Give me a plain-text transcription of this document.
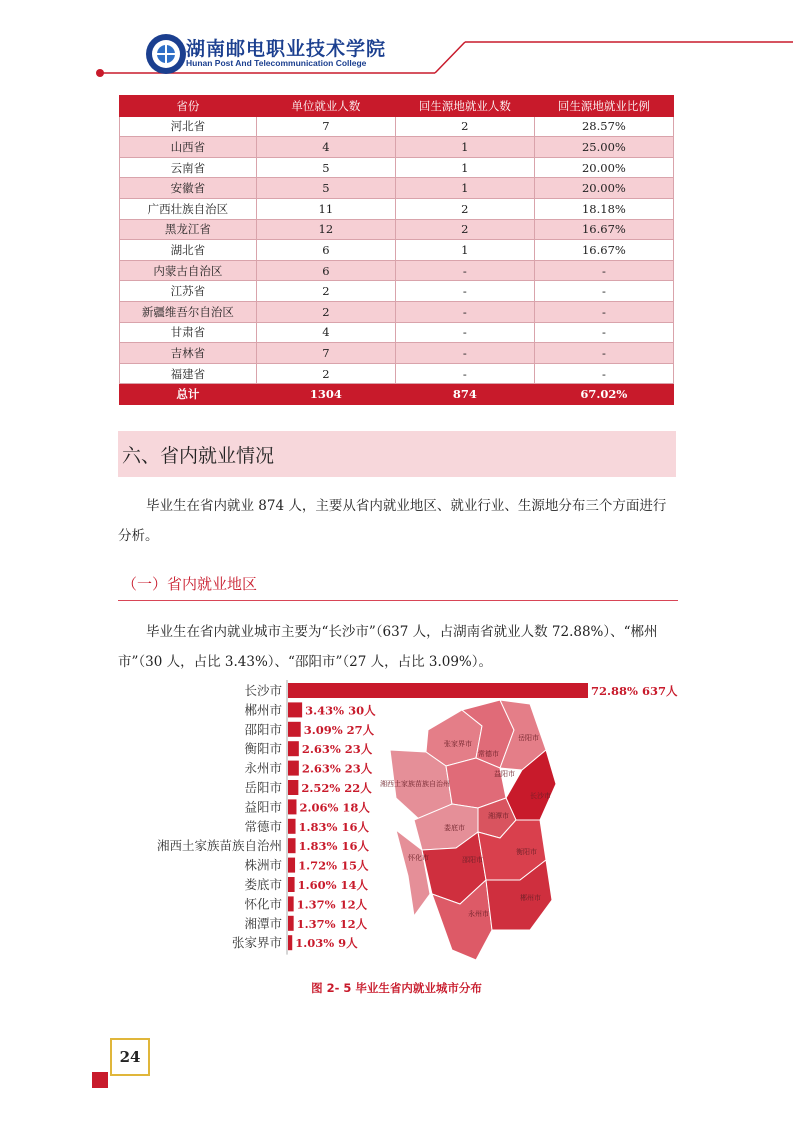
湖南邮电职业技术学院
Hunan Post And Telecommunication College
省份	单位就业人数	回生源地就业人数	回生源地就业比例
河北省	7	2	28.57%
山西省	4	1	25.00%
云南省	5	1	20.00%
安徽省	5	1	20.00%
广西壮族自治区	11	2	18.18%
黑龙江省	12	2	16.67%
湖北省	6	1	16.67%
内蒙古自治区	6	-	-
江苏省	2	-	-
新疆维吾尔自治区	2	-	-
甘肃省	4	-	-
吉林省	7	-	-
福建省	2	-	-
总计	1304	874	67.02%
六、省内就业情况
毕业生在省内就业 874 人，主要从省内就业地区、就业行业、生源地分布三个方面进行分析。
（一）省内就业地区
毕业生在省内就业城市主要为“长沙市”（637 人，占湖南省就业人数 72.88%）、“郴州市”（30 人，占比 3.43%）、“邵阳市”（27 人，占比 3.09%）。
张家界市
常德市
岳阳市
湘西土家族苗族自治州
益阳市
长沙市
湘潭市
娄底市
怀化市	邵阳市
衡阳市
永州市
郴州市
长沙市	72.88% 637人
郴州市 3.43% 30人
邵阳市 3.09% 27人
衡阳市 2.63% 23人
永州市 2.63% 23人
岳阳市 2.52% 22人
益阳市 2.06% 18人
常德市 1.83% 16人
湘西土家族苗族自治州 1.83% 16人
株洲市 1.72% 15人
娄底市 1.60% 14人
怀化市 1.37% 12人
湘潭市 1.37% 12人
张家界市 1.03% 9人
图 2- 5 毕业生省内就业城市分布
24
